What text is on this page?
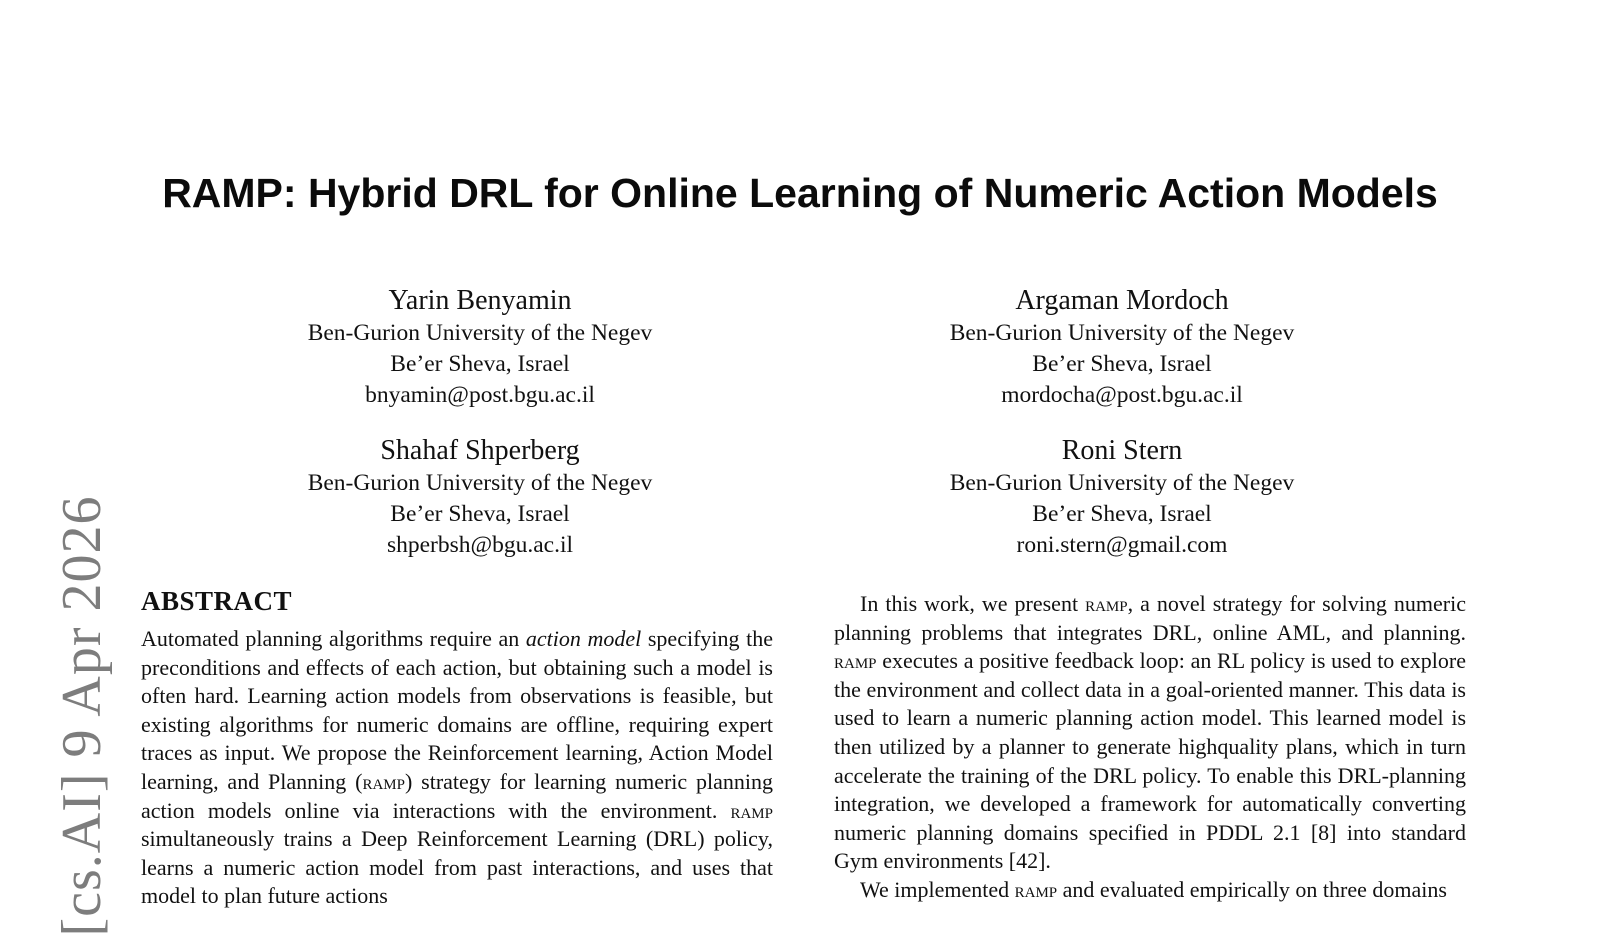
[cs.AI] 9 Apr 2026
RAMP: Hybrid DRL for Online Learning of Numeric Action Models
Yarin Benyamin
Ben-Gurion University of the Negev
Be’er Sheva, Israel
bnyamin@post.bgu.ac.il
Argaman Mordoch
Ben-Gurion University of the Negev
Be’er Sheva, Israel
mordocha@post.bgu.ac.il
Shahaf Shperberg
Ben-Gurion University of the Negev
Be’er Sheva, Israel
shperbsh@bgu.ac.il
Roni Stern
Ben-Gurion University of the Negev
Be’er Sheva, Israel
roni.stern@gmail.com
ABSTRACT

Automated planning algorithms require an action model specifying the preconditions and effects of each action, but obtaining such a model is often hard. Learning action models from observations is feasible, but existing algorithms for numeric domains are offline, requiring expert traces as input. We propose the Reinforcement learning, Action Model learning, and Planning (ramp) strategy for learning numeric planning action models online via interactions with the environment. ramp simultaneously trains a Deep Reinforcement Learning (DRL) policy, learns a numeric action model from past interactions, and uses that model to plan future actions

In this work, we present ramp, a novel strategy for solving numeric planning problems that integrates DRL, online AML, and planning. ramp executes a positive feedback loop: an RL policy is used to explore the environment and collect data in a goal-oriented manner. This data is used to learn a numeric planning action model. This learned model is then utilized by a planner to generate highquality plans, which in turn accelerate the training of the DRL policy. To enable this DRL-planning integration, we developed a framework for automatically converting numeric planning domains specified in PDDL 2.1 [8] into standard Gym environments [42].

We implemented ramp and evaluated empirically on three domains
